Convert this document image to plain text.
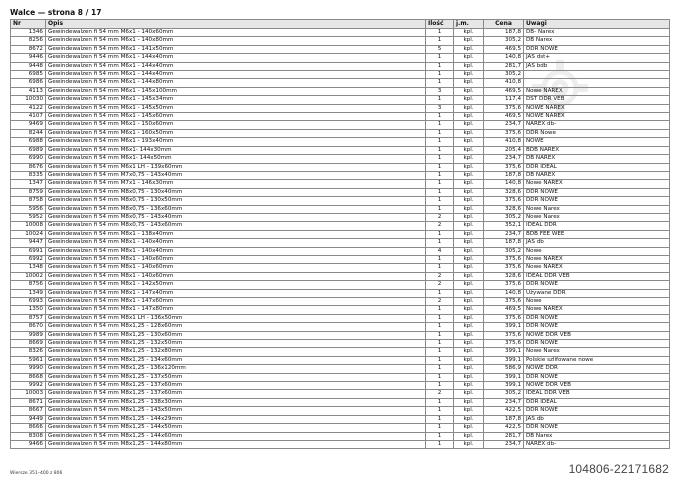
Walce — strona 8 / 17
Nr	Opis	Ilość	j.m.	Cena	Uwagi
1346	Gewindewalzen fi 54 mm M6x1 - 140x60mm	1	kpl.	187,8	DB- Narex
8256	Gewindewalzen fi 54 mm M6x1 - 140x80mm	1	kpl.	305,2	DB Narex
8672	Gewindewalzen fi 54 mm M6x1 - 141x50mm	5	kpl.	469,5	DDR NOWE
9446	Gewindewalzen fi 54 mm M6x1 - 144x40mm	1	kpl.	140,8	JAS dst+
9448	Gewindewalzen fi 54 mm M6x1 - 144x40mm	1	kpl.	281,7	JAS bdb
6985	Gewindewalzen fi 54 mm M6x1 - 144x40mm	1	kpl.	305,2	
6986	Gewindewalzen fi 54 mm M6x1 - 144x80mm	1	kpl.	410,8	
4113	Gewindewalzen fi 54 mm M6x1 - 145x100mm	3	kpl.	469,5	Nowe NAREX
10030	Gewindewalzen fi 54 mm M6x1 - 145x34mm	1	kpl.	117,4	DST DDR VEB
4122	Gewindewalzen fi 54 mm M6x1 - 145x50mm	3	kpl.	375,6	NOWE NAREX
4107	Gewindewalzen fi 54 mm M6x1 - 145x60mm	1	kpl.	469,5	NOWE NAREX
9469	Gewindewalzen fi 54 mm M6x1 - 150x60mm	1	kpl.	234,7	NAREX db-
8244	Gewindewalzen fi 54 mm M6x1 - 160x50mm	1	kpl.	375,6	DDR Nowe
6988	Gewindewalzen fi 54 mm M6x1 - 193x40mm	1	kpl.	410,8	NOWE
6989	Gewindewalzen fi 54 mm M6x1- 144x30mm	1	kpl.	205,4	BDB NAREX
6990	Gewindewalzen fi 54 mm M6x1- 144x50mm	1	kpl.	234,7	DB NAREX
8676	Gewindewalzen fi 54 mm M6x1 LH - 139x60mm	1	kpl.	375,6	DDR IDEAL
8335	Gewindewalzen fi 54 mm M7x0,75 - 143x40mm	1	kpl.	187,8	DB NAREX
1347	Gewindewalzen fi 54 mm M7x1 - 146x30mm	1	kpl.	140,8	Nowe NAREX
8759	Gewindewalzen fi 54 mm M8x0,75 - 130x40mm	1	kpl.	328,6	DDR NOWE
8758	Gewindewalzen fi 54 mm M8x0,75 - 130x50mm	1	kpl.	375,6	DDR NOWE
5956	Gewindewalzen fi 54 mm M8x0,75 - 136x60mm	1	kpl.	328,6	Nowe Narex
5952	Gewindewalzen fi 54 mm M8x0,75 - 143x40mm	2	kpl.	305,2	Nowe Narex
10008	Gewindewalzen fi 54 mm M8x0,75 - 143x60mm	2	kpl.	352,1	IDEAL DDR
10024	Gewindewalzen fi 54 mm M8x1 - 138x40mm	1	kpl.	234,7	BDB FEE WEE
9447	Gewindewalzen fi 54 mm M8x1 - 140x40mm	1	kpl.	187,8	JAS db
6991	Gewindewalzen fi 54 mm M8x1 - 140x40mm	4	kpl.	305,2	Nowe
6992	Gewindewalzen fi 54 mm M8x1 - 140x60mm	1	kpl.	375,6	Nowe NAREX
1348	Gewindewalzen fi 54 mm M8x1 - 140x60mm	1	kpl.	375,6	Nowe NAREX
10002	Gewindewalzen fi 54 mm M8x1 - 140x60mm	2	kpl.	328,6	IDEAŁ DDR VEB
8756	Gewindewalzen fi 54 mm M8x1 - 142x50mm	2	kpl.	375,6	DDR NOWE
1349	Gewindewalzen fi 54 mm M8x1 - 147x40mm	1	kpl.	140,8	Używane DDR
6993	Gewindewalzen fi 54 mm M8x1 - 147x60mm	2	kpl.	375,6	Nowe
1350	Gewindewalzen fi 54 mm M8x1 - 147x80mm	1	kpl.	469,5	Nowe NAREX
8757	Gewindewalzen fi 54 mm M8x1 LH - 136x50mm	1	kpl.	375,6	DDR NOWE
8670	Gewindewalzen fi 54 mm M8x1,25 - 128x60mm	1	kpl.	399,1	DDR NOWE
9989	Gewindewalzen fi 54 mm M8x1,25 - 130x60mm	1	kpl.	375,6	NOWE DDR VEB
8669	Gewindewalzen fi 54 mm M8x1,25 - 132x50mm	1	kpl.	375,6	DDR NOWE
8326	Gewindewalzen fi 54 mm M8x1,25 - 132x80mm	1	kpl.	399,1	Nowe Narex
5961	Gewindewalzen fi 54 mm M8x1,25 - 134x60mm	1	kpl.	399,1	Polskie szlifowane nowe
9990	Gewindewalzen fi 54 mm M8x1,25 - 136x120mm	1	kpl.	586,9	NOWE DDR
8668	Gewindewalzen fi 54 mm M8x1,25 - 137x50mm	1	kpl.	399,1	DDR NOWE
9992	Gewindewalzen fi 54 mm M8x1,25 - 137x60mm	1	kpl.	399,1	NOWE DDR VEB
10003	Gewindewalzen fi 54 mm M8x1,25 - 137x60mm	2	kpl.	305,2	IDEAL DDR VEB
8671	Gewindewalzen fi 54 mm M8x1,25 - 138x30mm	1	kpl.	234,7	DDR IDEAL
8667	Gewindewalzen fi 54 mm M8x1,25 - 143x50mm	1	kpl.	422,5	DDR NOWE
9449	Gewindewalzen fi 54 mm M8x1,25 - 144x29mm	1	kpl.	187,8	JAS db
8666	Gewindewalzen fi 54 mm M8x1,25 - 144x50mm	1	kpl.	422,5	DDR NOWE
8308	Gewindewalzen fi 54 mm M8x1,25 - 144x60mm	1	kpl.	281,7	DB Narex
9466	Gewindewalzen fi 54 mm M8x1,25 - 144x80mm	1	kpl.	234,7	NAREX db-
Wiersze 351–400 z 806	104806-22171682
